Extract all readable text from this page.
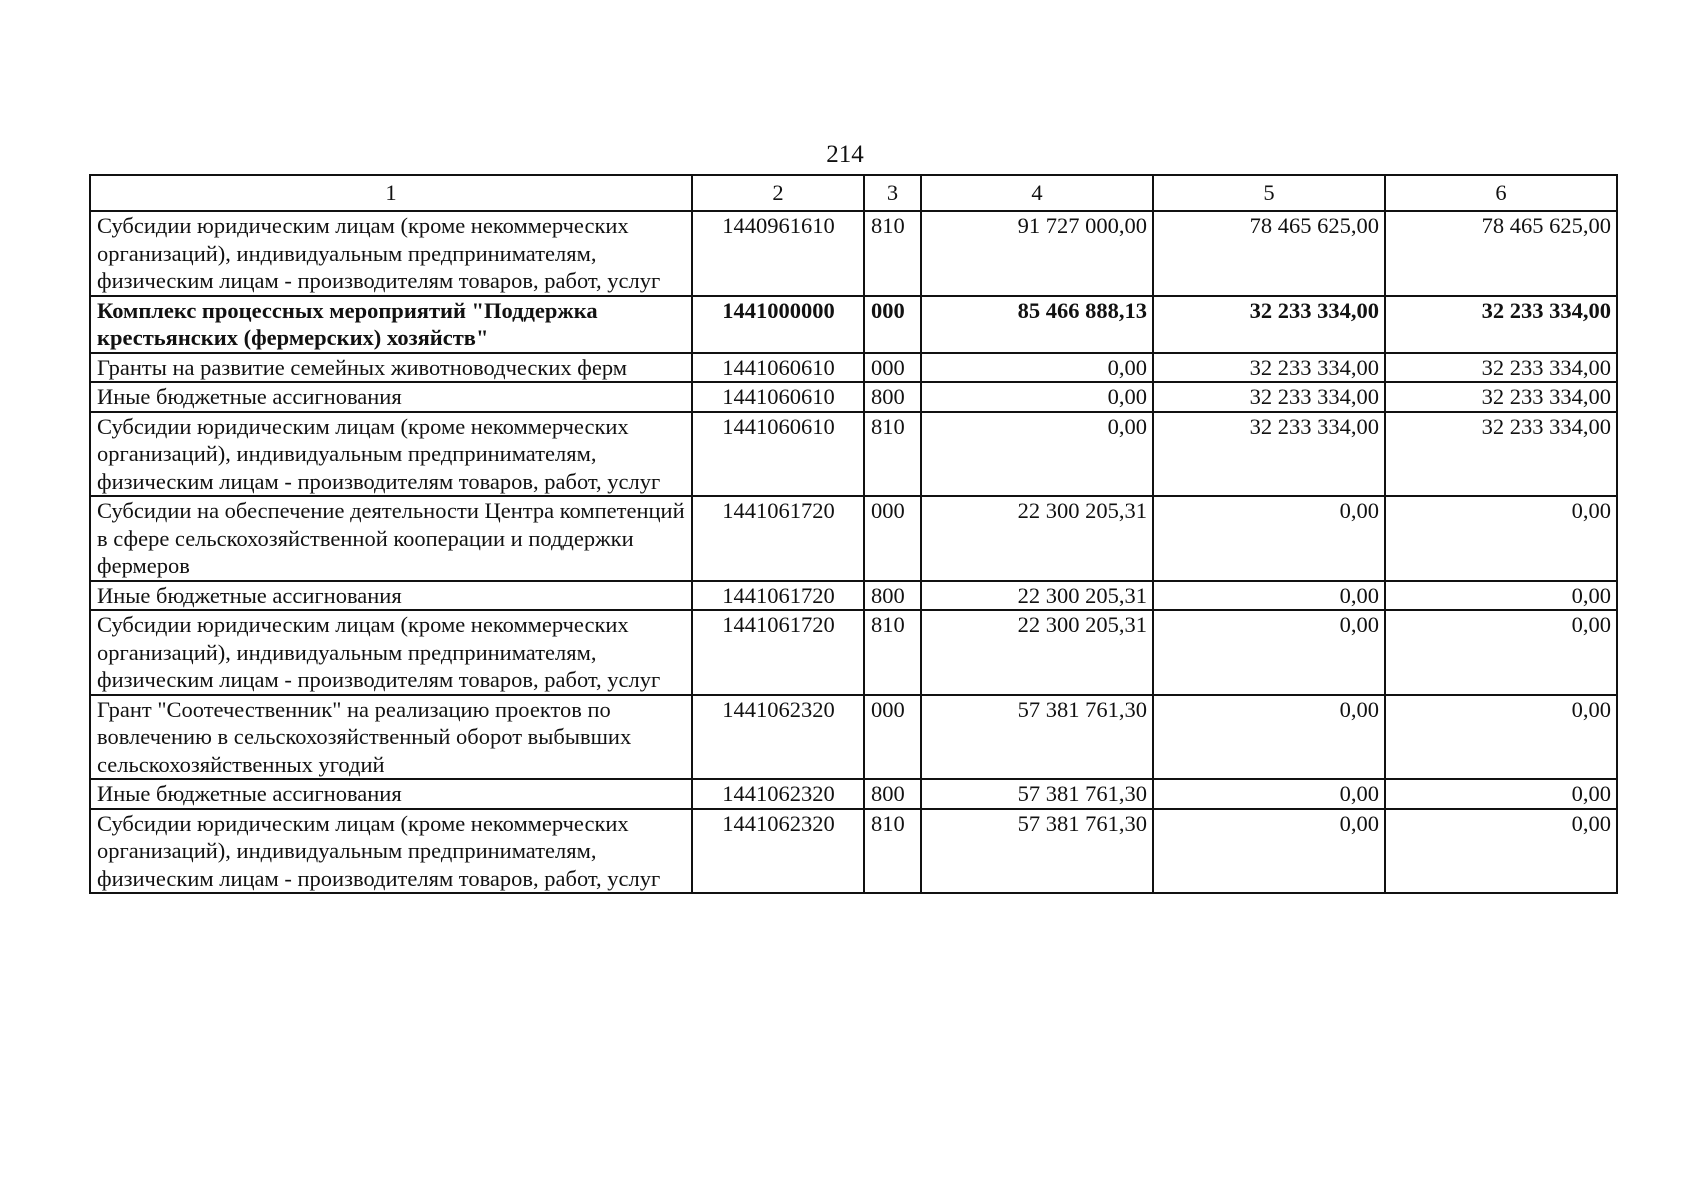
214
1	2	3	4	5	6
Субсидии юридическим лицам (кроме некоммерческих организаций), индивидуальным предпринимателям, физическим лицам - производителям товаров, работ, услуг	1440961610	810	91 727 000,00	78 465 625,00	78 465 625,00
Комплекс процессных мероприятий "Поддержка крестьянских (фермерских) хозяйств"	1441000000	000	85 466 888,13	32 233 334,00	32 233 334,00
Гранты на развитие семейных животноводческих ферм	1441060610	000	0,00	32 233 334,00	32 233 334,00
Иные бюджетные ассигнования	1441060610	800	0,00	32 233 334,00	32 233 334,00
Субсидии юридическим лицам (кроме некоммерческих организаций), индивидуальным предпринимателям, физическим лицам - производителям товаров, работ, услуг	1441060610	810	0,00	32 233 334,00	32 233 334,00
Субсидии на обеспечение деятельности Центра компетенций в сфере сельскохозяйственной кооперации и поддержки фермеров	1441061720	000	22 300 205,31	0,00	0,00
Иные бюджетные ассигнования	1441061720	800	22 300 205,31	0,00	0,00
Субсидии юридическим лицам (кроме некоммерческих организаций), индивидуальным предпринимателям, физическим лицам - производителям товаров, работ, услуг	1441061720	810	22 300 205,31	0,00	0,00
Грант "Соотечественник" на реализацию проектов по вовлечению в сельскохозяйственный оборот выбывших сельскохозяйственных угодий	1441062320	000	57 381 761,30	0,00	0,00
Иные бюджетные ассигнования	1441062320	800	57 381 761,30	0,00	0,00
Субсидии юридическим лицам (кроме некоммерческих организаций), индивидуальным предпринимателям, физическим лицам - производителям товаров, работ, услуг	1441062320	810	57 381 761,30	0,00	0,00
